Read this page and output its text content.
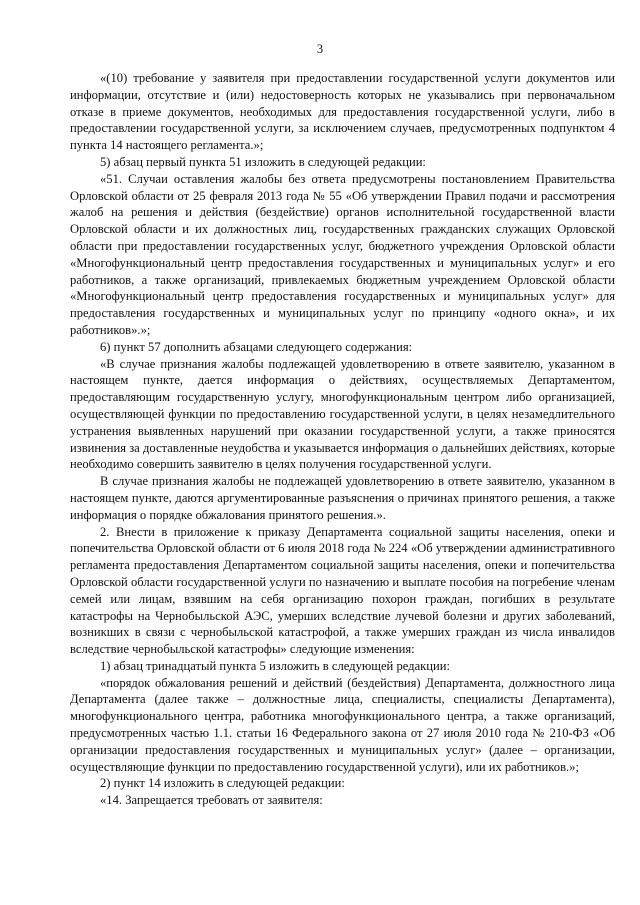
3

«(10) требование у заявителя при предоставлении государственной услуги документов или информации, отсутствие и (или) недостоверность которых не указывались при первоначальном отказе в приеме документов, необходимых для предоставления государственной услуги, либо в предоставлении государственной услуги, за исключением случаев, предусмотренных подпунктом 4 пункта 14 настоящего регламента.»;

5) абзац первый пункта 51 изложить в следующей редакции:

«51. Случаи оставления жалобы без ответа предусмотрены постановлением Правительства Орловской области от 25 февраля 2013 года № 55 «Об утверждении Правил подачи и рассмотрения жалоб на решения и действия (бездействие) органов исполнительной государственной власти Орловской области и их должностных лиц, государственных гражданских служащих Орловской области при предоставлении государственных услуг, бюджетного учреждения Орловской области «Многофункциональный центр предоставления государственных и муниципальных услуг» и его работников, а также организаций, привлекаемых бюджетным учреждением Орловской области «Многофункциональный центр предоставления государственных и муниципальных услуг» для предоставления государственных и муниципальных услуг по принципу «одного окна», и их работников».»;

6) пункт 57 дополнить абзацами следующего содержания:

«В случае признания жалобы подлежащей удовлетворению в ответе заявителю, указанном в настоящем пункте, дается информация о действиях, осуществляемых Департаментом, предоставляющим государственную услугу, многофункциональным центром либо организацией, осуществляющей функции по предоставлению государственной услуги, в целях незамедлительного устранения выявленных нарушений при оказании государственной услуги, а также приносятся извинения за доставленные неудобства и указывается информация о дальнейших действиях, которые необходимо совершить заявителю в целях получения государственной услуги.

В случае признания жалобы не подлежащей удовлетворению в ответе заявителю, указанном в настоящем пункте, даются аргументированные разъяснения о причинах принятого решения, а также информация о порядке обжалования принятого решения.».

2. Внести в приложение к приказу Департамента социальной защиты населения, опеки и попечительства Орловской области от 6 июля 2018 года № 224 «Об утверждении административного регламента предоставления Департаментом социальной защиты населения, опеки и попечительства Орловской области государственной услуги по назначению и выплате пособия на погребение членам семей или лицам, взявшим на себя организацию похорон граждан, погибших в результате катастрофы на Чернобыльской АЭС, умерших вследствие лучевой болезни и других заболеваний, возникших в связи с чернобыльской катастрофой, а также умерших граждан из числа инвалидов вследствие чернобыльской катастрофы» следующие изменения:

1) абзац тринадцатый пункта 5 изложить в следующей редакции:

«порядок обжалования решений и действий (бездействия) Департамента, должностного лица Департамента (далее также – должностные лица, специалисты, специалисты Департамента), многофункционального центра, работника многофункционального центра, а также организаций, предусмотренных частью 1.1. статьи 16 Федерального закона от 27 июля 2010 года № 210-ФЗ «Об организации предоставления государственных и муниципальных услуг» (далее – организации, осуществляющие функции по предоставлению государственной услуги), или их работников.»;

2) пункт 14 изложить в следующей редакции:

«14. Запрещается требовать от заявителя:
